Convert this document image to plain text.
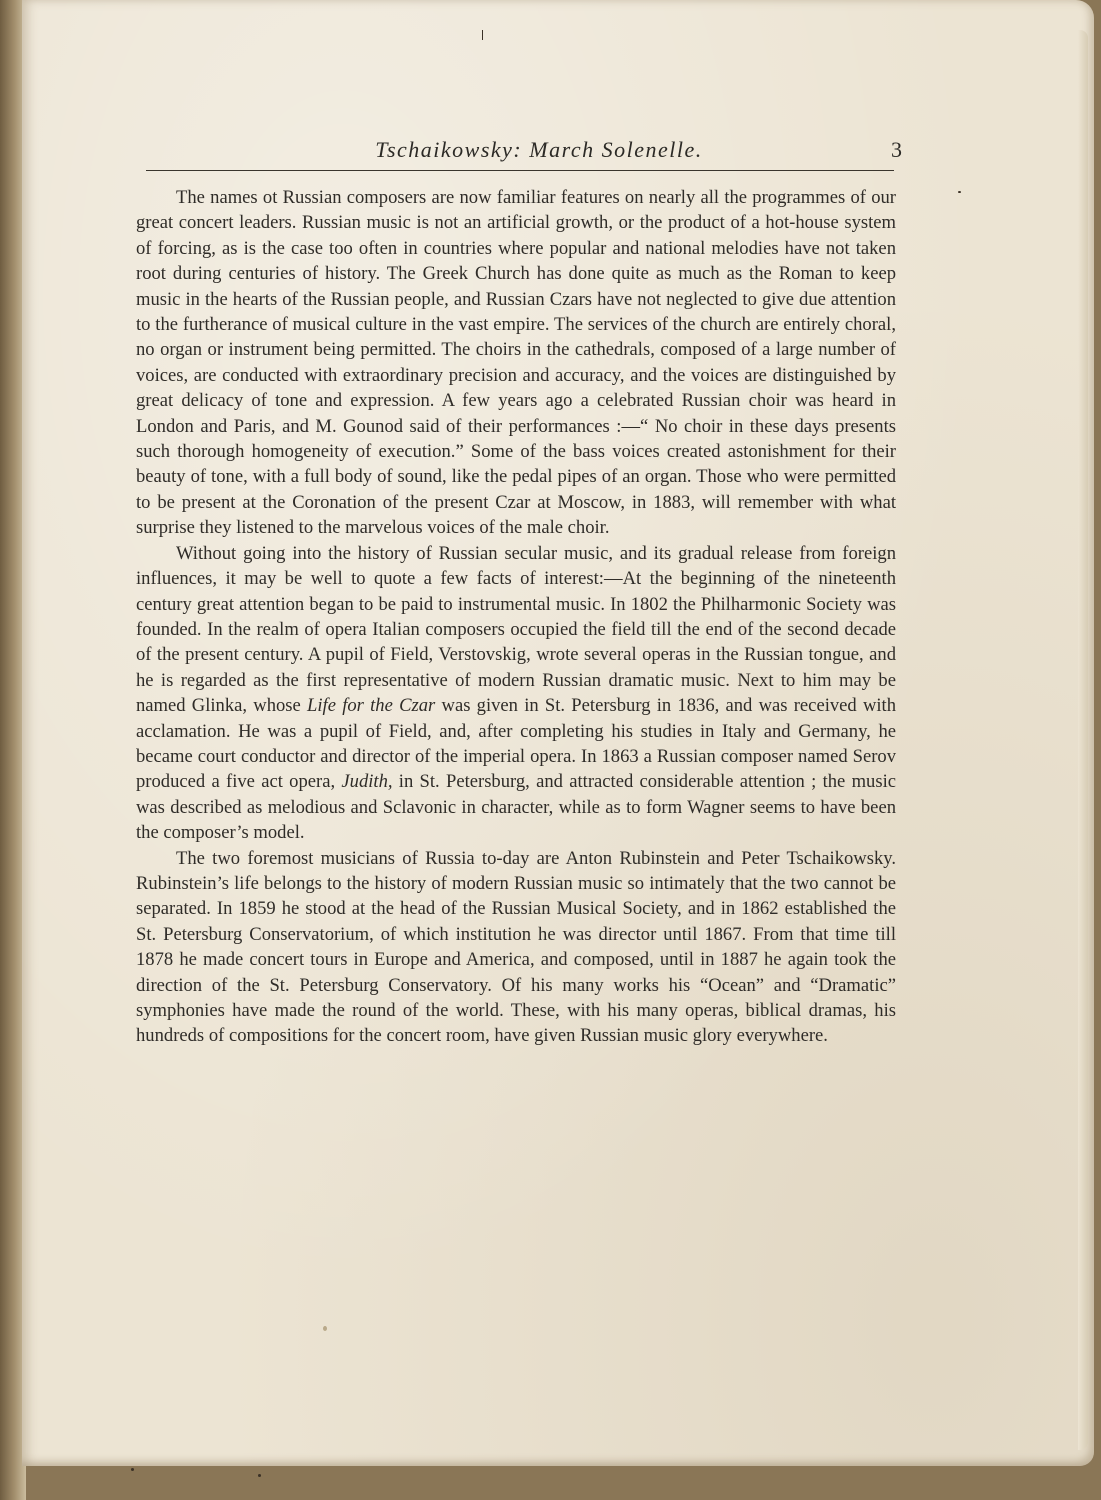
Tschaikowsky: March Solenelle.	3

The names ot Russian composers are now familiar features on nearly all the programmes of our great concert leaders. Russian music is not an artificial growth, or the product of a hot-house system of forcing, as is the case too often in countries where popular and national melodies have not taken root during centuries of history. The Greek Church has done quite as much as the Roman to keep music in the hearts of the Russian people, and Russian Czars have not neglected to give due attention to the furtherance of musical culture in the vast empire. The services of the church are entirely choral, no organ or instrument being permitted. The choirs in the cathedrals, composed of a large number of voices, are conducted with extraordinary precision and accuracy, and the voices are distinguished by great delicacy of tone and expression. A few years ago a celebrated Russian choir was heard in London and Paris, and M. Gounod said of their performances :—“ No choir in these days presents such thorough homogeneity of execution.” Some of the bass voices created astonishment for their beauty of tone, with a full body of sound, like the pedal pipes of an organ. Those who were permitted to be present at the Coronation of the present Czar at Moscow, in 1883, will remember with what surprise they listened to the marvelous voices of the male choir.

Without going into the history of Russian secular music, and its gradual release from foreign influences, it may be well to quote a few facts of interest:—At the beginning of the nineteenth century great attention began to be paid to instrumental music. In 1802 the Philharmonic Society was founded. In the realm of opera Italian composers occupied the field till the end of the second decade of the present century. A pupil of Field, Verstovskig, wrote several operas in the Russian tongue, and he is regarded as the first representative of modern Russian dramatic music. Next to him may be named Glinka, whose Life for the Czar was given in St. Petersburg in 1836, and was received with acclamation. He was a pupil of Field, and, after completing his studies in Italy and Germany, he became court conductor and director of the imperial opera. In 1863 a Russian composer named Serov produced a five act opera, Judith, in St. Petersburg, and attracted considerable attention ; the music was described as melodious and Sclavonic in character, while as to form Wagner seems to have been the composer’s model.

The two foremost musicians of Russia to-day are Anton Rubinstein and Peter Tschaikowsky. Rubinstein’s life belongs to the history of modern Russian music so intimately that the two cannot be separated. In 1859 he stood at the head of the Russian Musical Society, and in 1862 established the St. Petersburg Conservatorium, of which institution he was director until 1867. From that time till 1878 he made concert tours in Europe and America, and composed, until in 1887 he again took the direction of the St. Petersburg Conservatory. Of his many works his “Ocean” and “Dramatic” symphonies have made the round of the world. These, with his many operas, biblical dramas, his hundreds of compositions for the concert room, have given Russian music glory everywhere.
